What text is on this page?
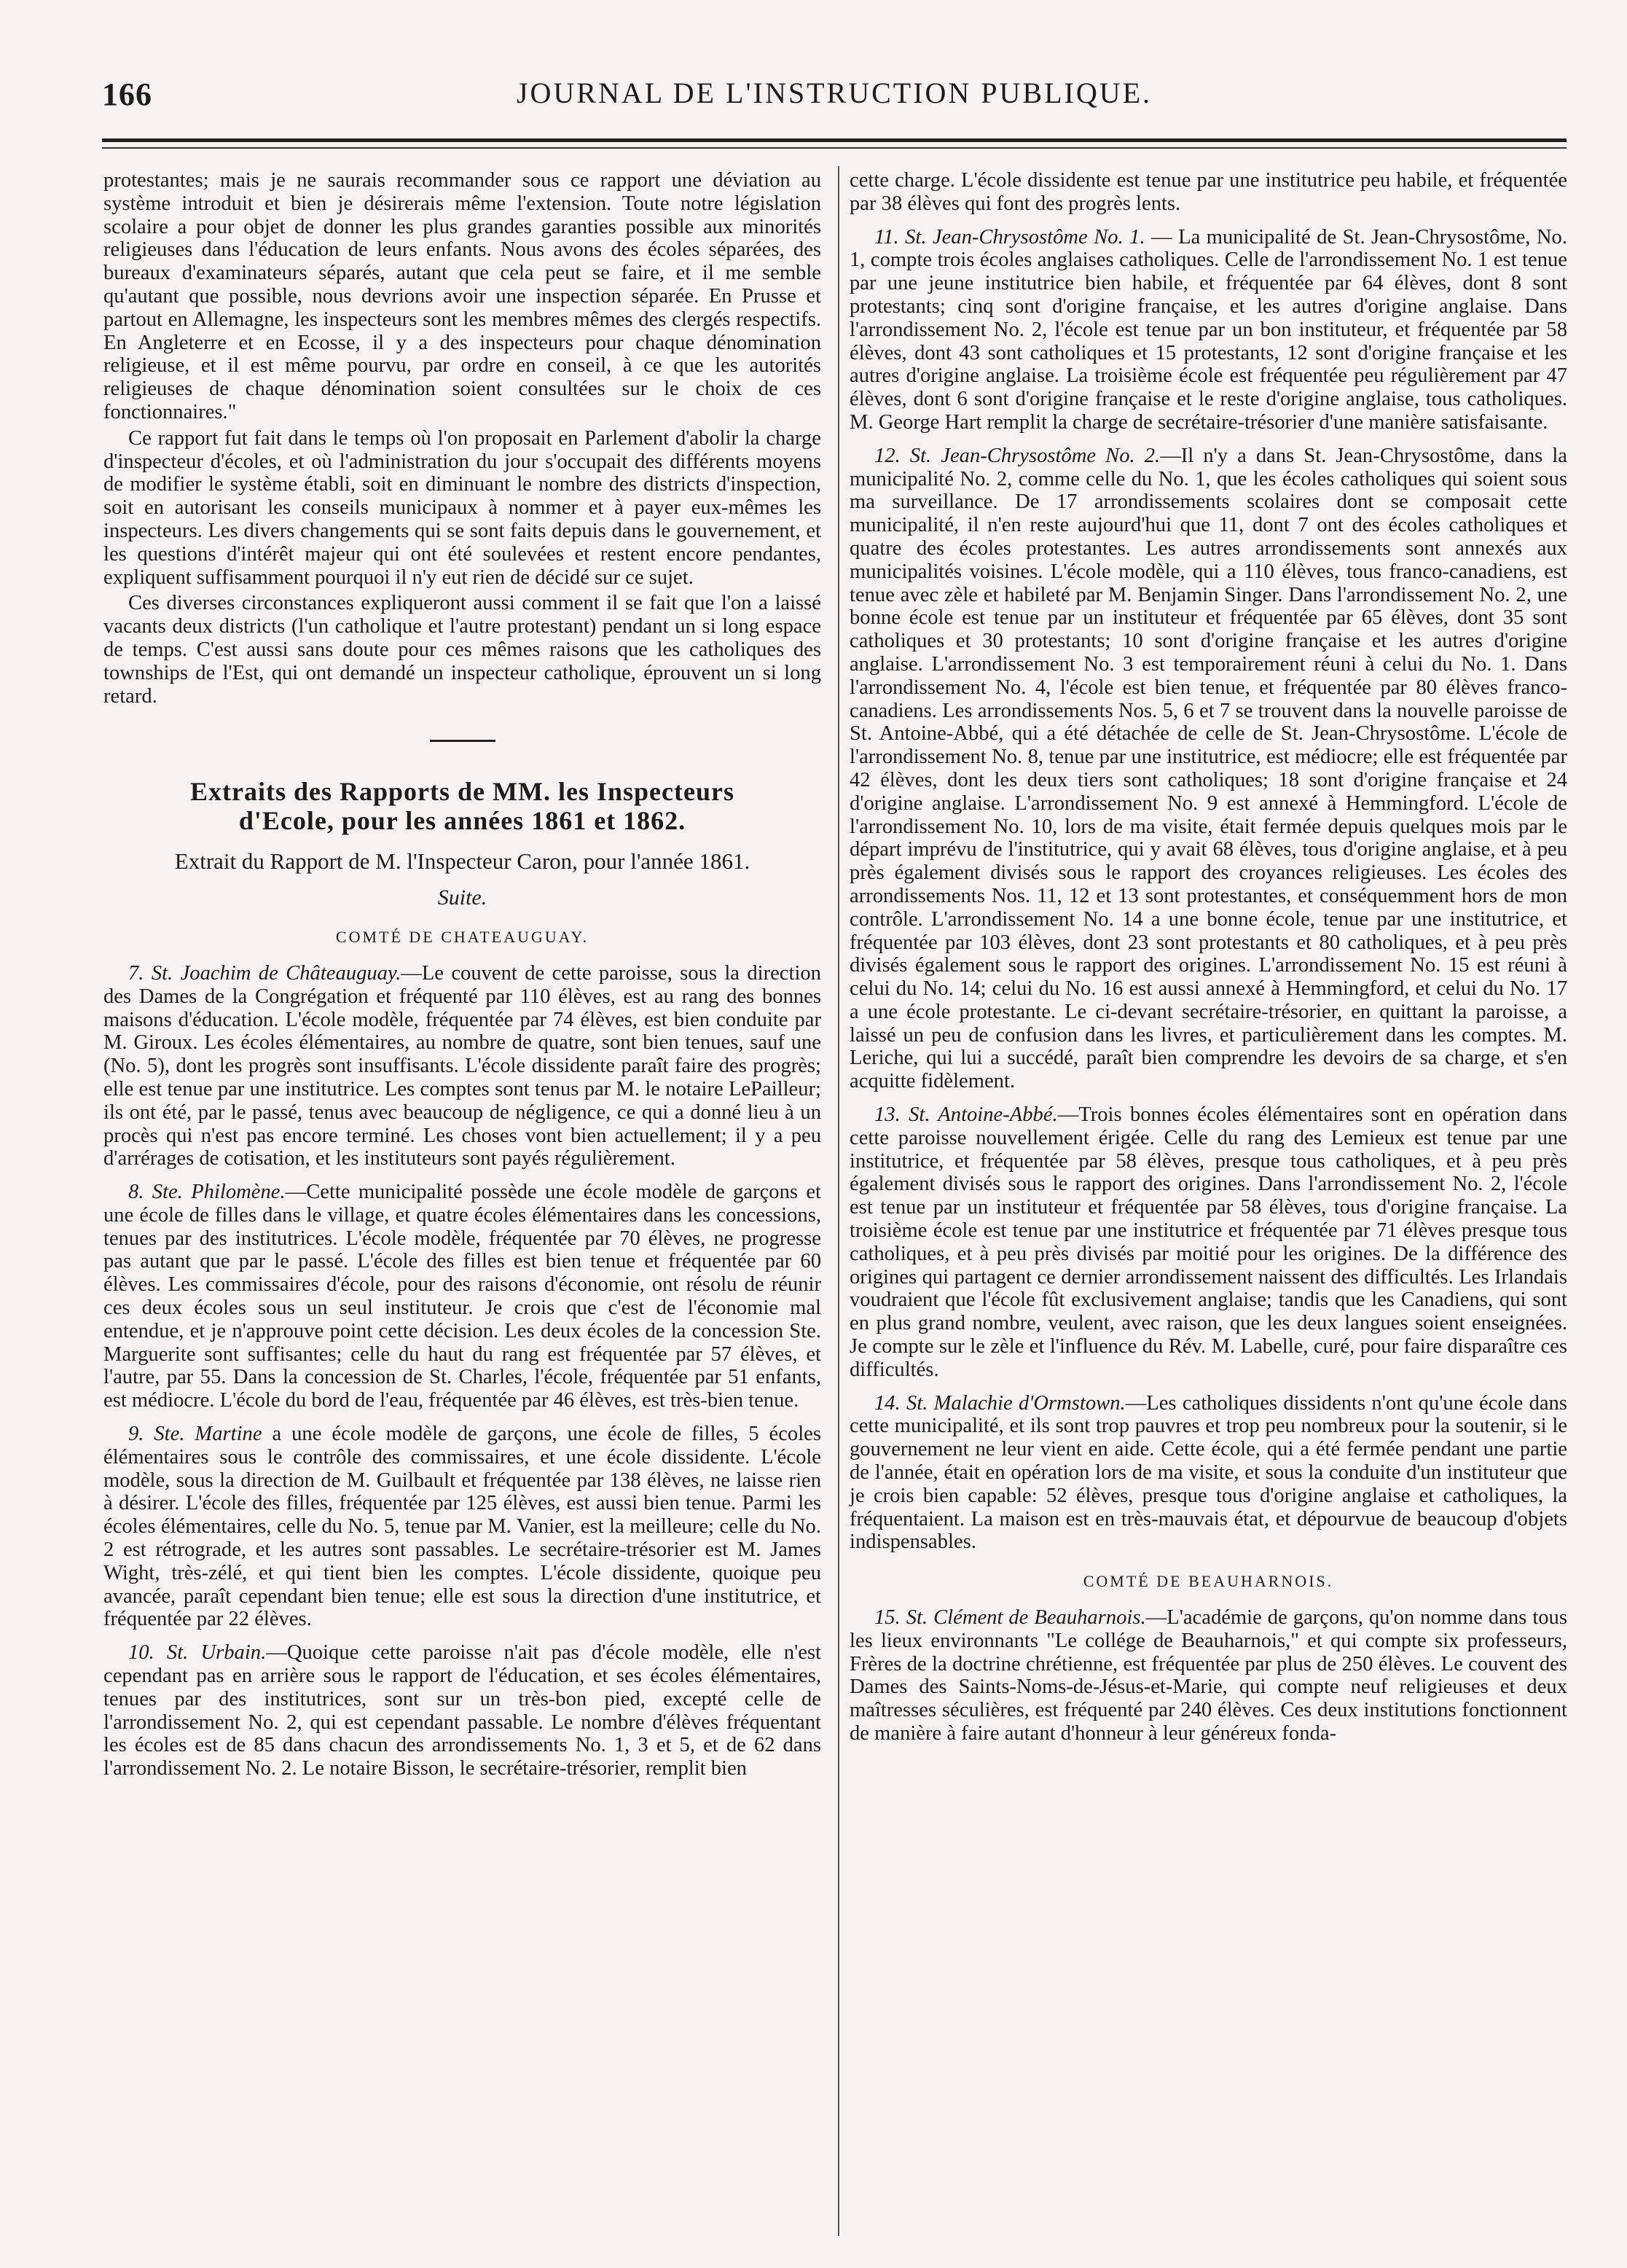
166	JOURNAL DE L'INSTRUCTION PUBLIQUE.

protestantes; mais je ne saurais recommander sous ce rapport une déviation au système introduit et bien je désirerais même l'extension. Toute notre législation scolaire a pour objet de donner les plus grandes garanties possible aux minorités religieuses dans l'éducation de leurs enfants. Nous avons des écoles séparées, des bureaux d'examinateurs séparés, autant que cela peut se faire, et il me semble qu'autant que possible, nous devrions avoir une inspection séparée. En Prusse et partout en Allemagne, les inspecteurs sont les membres mêmes des clergés respectifs. En Angleterre et en Ecosse, il y a des inspecteurs pour chaque dénomination religieuse, et il est même pourvu, par ordre en conseil, à ce que les autorités religieuses de chaque dénomination soient consultées sur le choix de ces fonctionnaires."

Ce rapport fut fait dans le temps où l'on proposait en Parlement d'abolir la charge d'inspecteur d'écoles, et où l'administration du jour s'occupait des différents moyens de modifier le système établi, soit en diminuant le nombre des districts d'inspection, soit en autorisant les conseils municipaux à nommer et à payer eux-mêmes les inspecteurs. Les divers changements qui se sont faits depuis dans le gouvernement, et les questions d'intérêt majeur qui ont été soulevées et restent encore pendantes, expliquent suffisamment pourquoi il n'y eut rien de décidé sur ce sujet.

Ces diverses circonstances expliqueront aussi comment il se fait que l'on a laissé vacants deux districts (l'un catholique et l'autre protestant) pendant un si long espace de temps. C'est aussi sans doute pour ces mêmes raisons que les catholiques des townships de l'Est, qui ont demandé un inspecteur catholique, éprouvent un si long retard.

Extraits des Rapports de MM. les Inspecteurs
d'Ecole, pour les années 1861 et 1862.
Extrait du Rapport de M. l'Inspecteur Caron, pour l'année 1861.
Suite.
COMTÉ DE CHATEAUGUAY.

7. St. Joachim de Châteauguay.—Le couvent de cette paroisse, sous la direction des Dames de la Congrégation et fréquenté par 110 élèves, est au rang des bonnes maisons d'éducation. L'école modèle, fréquentée par 74 élèves, est bien conduite par M. Giroux. Les écoles élémentaires, au nombre de quatre, sont bien tenues, sauf une (No. 5), dont les progrès sont insuffisants. L'école dissidente paraît faire des progrès; elle est tenue par une institutrice. Les comptes sont tenus par M. le notaire LePailleur; ils ont été, par le passé, tenus avec beaucoup de négligence, ce qui a donné lieu à un procès qui n'est pas encore terminé. Les choses vont bien actuellement; il y a peu d'arrérages de cotisation, et les instituteurs sont payés régulièrement.

8. Ste. Philomène.—Cette municipalité possède une école modèle de garçons et une école de filles dans le village, et quatre écoles élémentaires dans les concessions, tenues par des institutrices. L'école modèle, fréquentée par 70 élèves, ne progresse pas autant que par le passé. L'école des filles est bien tenue et fréquentée par 60 élèves. Les commissaires d'école, pour des raisons d'économie, ont résolu de réunir ces deux écoles sous un seul instituteur. Je crois que c'est de l'économie mal entendue, et je n'approuve point cette décision. Les deux écoles de la concession Ste. Marguerite sont suffisantes; celle du haut du rang est fréquentée par 57 élèves, et l'autre, par 55. Dans la concession de St. Charles, l'école, fréquentée par 51 enfants, est médiocre. L'école du bord de l'eau, fréquentée par 46 élèves, est très-bien tenue.

9. Ste. Martine a une école modèle de garçons, une école de filles, 5 écoles élémentaires sous le contrôle des commissaires, et une école dissidente. L'école modèle, sous la direction de M. Guilbault et fréquentée par 138 élèves, ne laisse rien à désirer. L'école des filles, fréquentée par 125 élèves, est aussi bien tenue. Parmi les écoles élémentaires, celle du No. 5, tenue par M. Vanier, est la meilleure; celle du No. 2 est rétrograde, et les autres sont passables. Le secrétaire-trésorier est M. James Wight, très-zélé, et qui tient bien les comptes. L'école dissidente, quoique peu avancée, paraît cependant bien tenue; elle est sous la direction d'une institutrice, et fréquentée par 22 élèves.

10. St. Urbain.—Quoique cette paroisse n'ait pas d'école modèle, elle n'est cependant pas en arrière sous le rapport de l'éducation, et ses écoles élémentaires, tenues par des institutrices, sont sur un très-bon pied, excepté celle de l'arrondissement No. 2, qui est cependant passable. Le nombre d'élèves fréquentant les écoles est de 85 dans chacun des arrondissements No. 1, 3 et 5, et de 62 dans l'arrondissement No. 2. Le notaire Bisson, le secrétaire-trésorier, remplit bien

cette charge. L'école dissidente est tenue par une institutrice peu habile, et fréquentée par 38 élèves qui font des progrès lents.

11. St. Jean-Chrysostôme No. 1. — La municipalité de St. Jean-Chrysostôme, No. 1, compte trois écoles anglaises catholiques. Celle de l'arrondissement No. 1 est tenue par une jeune institutrice bien habile, et fréquentée par 64 élèves, dont 8 sont protestants; cinq sont d'origine française, et les autres d'origine anglaise. Dans l'arrondissement No. 2, l'école est tenue par un bon instituteur, et fréquentée par 58 élèves, dont 43 sont catholiques et 15 protestants, 12 sont d'origine française et les autres d'origine anglaise. La troisième école est fréquentée peu régulièrement par 47 élèves, dont 6 sont d'origine française et le reste d'origine anglaise, tous catholiques. M. George Hart remplit la charge de secrétaire-trésorier d'une manière satisfaisante.

12. St. Jean-Chrysostôme No. 2.—Il n'y a dans St. Jean-Chrysostôme, dans la municipalité No. 2, comme celle du No. 1, que les écoles catholiques qui soient sous ma surveillance. De 17 arrondissements scolaires dont se composait cette municipalité, il n'en reste aujourd'hui que 11, dont 7 ont des écoles catholiques et quatre des écoles protestantes. Les autres arrondissements sont annexés aux municipalités voisines. L'école modèle, qui a 110 élèves, tous franco-canadiens, est tenue avec zèle et habileté par M. Benjamin Singer. Dans l'arrondissement No. 2, une bonne école est tenue par un instituteur et fréquentée par 65 élèves, dont 35 sont catholiques et 30 protestants; 10 sont d'origine française et les autres d'origine anglaise. L'arrondissement No. 3 est temporairement réuni à celui du No. 1. Dans l'arrondissement No. 4, l'école est bien tenue, et fréquentée par 80 élèves franco-canadiens. Les arrondissements Nos. 5, 6 et 7 se trouvent dans la nouvelle paroisse de St. Antoine-Abbé, qui a été détachée de celle de St. Jean-Chrysostôme. L'école de l'arrondissement No. 8, tenue par une institutrice, est médiocre; elle est fréquentée par 42 élèves, dont les deux tiers sont catholiques; 18 sont d'origine française et 24 d'origine anglaise. L'arrondissement No. 9 est annexé à Hemmingford. L'école de l'arrondissement No. 10, lors de ma visite, était fermée depuis quelques mois par le départ imprévu de l'institutrice, qui y avait 68 élèves, tous d'origine anglaise, et à peu près également divisés sous le rapport des croyances religieuses. Les écoles des arrondissements Nos. 11, 12 et 13 sont protestantes, et conséquemment hors de mon contrôle. L'arrondissement No. 14 a une bonne école, tenue par une institutrice, et fréquentée par 103 élèves, dont 23 sont protestants et 80 catholiques, et à peu près divisés également sous le rapport des origines. L'arrondissement No. 15 est réuni à celui du No. 14; celui du No. 16 est aussi annexé à Hemmingford, et celui du No. 17 a une école protestante. Le ci-devant secrétaire-trésorier, en quittant la paroisse, a laissé un peu de confusion dans les livres, et particulièrement dans les comptes. M. Leriche, qui lui a succédé, paraît bien comprendre les devoirs de sa charge, et s'en acquitte fidèlement.

13. St. Antoine-Abbé.—Trois bonnes écoles élémentaires sont en opération dans cette paroisse nouvellement érigée. Celle du rang des Lemieux est tenue par une institutrice, et fréquentée par 58 élèves, presque tous catholiques, et à peu près également divisés sous le rapport des origines. Dans l'arrondissement No. 2, l'école est tenue par un instituteur et fréquentée par 58 élèves, tous d'origine française. La troisième école est tenue par une institutrice et fréquentée par 71 élèves presque tous catholiques, et à peu près divisés par moitié pour les origines. De la différence des origines qui partagent ce dernier arrondissement naissent des difficultés. Les Irlandais voudraient que l'école fût exclusivement anglaise; tandis que les Canadiens, qui sont en plus grand nombre, veulent, avec raison, que les deux langues soient enseignées. Je compte sur le zèle et l'influence du Rév. M. Labelle, curé, pour faire disparaître ces difficultés.

14. St. Malachie d'Ormstown.—Les catholiques dissidents n'ont qu'une école dans cette municipalité, et ils sont trop pauvres et trop peu nombreux pour la soutenir, si le gouvernement ne leur vient en aide. Cette école, qui a été fermée pendant une partie de l'année, était en opération lors de ma visite, et sous la conduite d'un instituteur que je crois bien capable: 52 élèves, presque tous d'origine anglaise et catholiques, la fréquentaient. La maison est en très-mauvais état, et dépourvue de beaucoup d'objets indispensables.

COMTÉ DE BEAUHARNOIS.

15. St. Clément de Beauharnois.—L'académie de garçons, qu'on nomme dans tous les lieux environnants "Le collége de Beauharnois," et qui compte six professeurs, Frères de la doctrine chrétienne, est fréquentée par plus de 250 élèves. Le couvent des Dames des Saints-Noms-de-Jésus-et-Marie, qui compte neuf religieuses et deux maîtresses séculières, est fréquenté par 240 élèves. Ces deux institutions fonctionnent de manière à faire autant d'honneur à leur généreux fonda-
